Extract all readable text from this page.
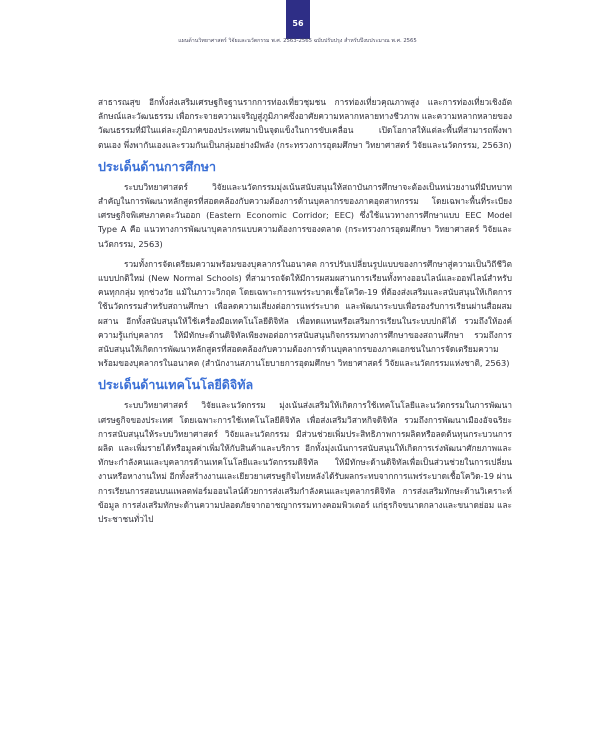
56
แผนด้านวิทยาศาสตร์ วิจัยและนวัตกรรม พ.ศ. 2563-2565 ฉบับปรับปรุง สำหรับปีงบประมาณ พ.ศ. 2565

สาธารณสุข อีกทั้งส่งเสริมเศรษฐกิจฐานรากการท่องเที่ยวชุมชน การท่องเที่ยวคุณภาพสูง และการท่องเที่ยวเชิงอัตลักษณ์และวัฒนธรรม เพื่อกระจายความเจริญสู่ภูมิภาคซึ่งอาศัยความหลากหลายทางชีวภาพ และความหลากหลายของวัฒนธรรมที่มีในแต่ละภูมิภาคของประเทศมาเป็นจุดแข็งในการขับเคลื่อน เปิดโอกาสให้แต่ละพื้นที่สามารถพึ่งพาตนเอง พึ่งพากันเองและรวมกันเป็นกลุ่มอย่างมีพลัง (กระทรวงการอุดมศึกษา วิทยาศาสตร์ วิจัยและนวัตกรรม, 2563ก)

ประเด็นด้านการศึกษา

ระบบวิทยาศาสตร์ วิจัยและนวัตกรรมมุ่งเน้นสนับสนุนให้สถาบันการศึกษาจะต้องเป็นหน่วยงานที่มีบทบาทสำคัญในการพัฒนาหลักสูตรที่สอดคล้องกับความต้องการด้านบุคลากรของภาคอุตสาหกรรม โดยเฉพาะพื้นที่ระเบียงเศรษฐกิจพิเศษภาคตะวันออก (Eastern Economic Corridor; EEC) ซึ่งใช้แนวทางการศึกษาแบบ EEC Model Type A คือ แนวทางการพัฒนาบุคลากรแบบความต้องการของตลาด (กระทรวงการอุดมศึกษา วิทยาศาสตร์ วิจัยและนวัตกรรม, 2563)

รวมทั้งการจัดเตรียมความพร้อมของบุคลากรในอนาคต การปรับเปลี่ยนรูปแบบของการศึกษาสู่ความเป็นวิถีชีวิตแบบปกติใหม่ (New Normal Schools) ที่สามารถจัดให้มีการผสมผสานการเรียนทั้งทางออนไลน์และออฟไลน์สำหรับคนทุกกลุ่ม ทุกช่วงวัย แม้ในภาวะวิกฤต โดยเฉพาะการแพร่ระบาดเชื้อโควิด-19 ที่ต้องส่งเสริมและสนับสนุนให้เกิดการใช้นวัตกรรมสำหรับสถานศึกษา เพื่อลดความเสี่ยงต่อการแพร่ระบาด และพัฒนาระบบเพื่อรองรับการเรียนผ่านสื่อผสมผสาน อีกทั้งสนับสนุนให้ใช้เครื่องมือเทคโนโลยีดิจิทัล เพื่อทดแทนหรือเสริมการเรียนในระบบปกติได้ รวมถึงให้องค์ความรู้แก่บุคลากร ให้มีทักษะด้านดิจิทัลเพียงพอต่อการสนับสนุนกิจกรรมทางการศึกษาของสถานศึกษา รวมถึงการสนับสนุนให้เกิดการพัฒนาหลักสูตรที่สอดคล้องกับความต้องการด้านบุคลากรของภาคเอกชนในการจัดเตรียมความพร้อมของบุคลากรในอนาคต (สำนักงานสภานโยบายการอุดมศึกษา วิทยาศาสตร์ วิจัยและนวัตกรรมแห่งชาติ, 2563)

ประเด็นด้านเทคโนโลยีดิจิทัล

ระบบวิทยาศาสตร์ วิจัยและนวัตกรรม มุ่งเน้นส่งเสริมให้เกิดการใช้เทคโนโลยีและนวัตกรรมในการพัฒนาเศรษฐกิจของประเทศ โดยเฉพาะการใช้เทคโนโลยีดิจิทัล เพื่อส่งเสริมวิสาหกิจดิจิทัล รวมถึงการพัฒนาเมืองอัจฉริยะ การสนับสนุนให้ระบบวิทยาศาสตร์ วิจัยและนวัตกรรม มีส่วนช่วยเพิ่มประสิทธิภาพการผลิตหรือลดต้นทุนกระบวนการผลิต และเพิ่มรายได้หรือมูลค่าเพิ่มให้กับสินค้าและบริการ อีกทั้งมุ่งเน้นการสนับสนุนให้เกิดการเร่งพัฒนาศักยภาพและทักษะกำลังคนและบุคลากรด้านเทคโนโลยีและนวัตกรรมดิจิทัล ให้มีทักษะด้านดิจิทัลเพื่อเป็นส่วนช่วยในการเปลี่ยนงานหรือหางานใหม่ อีกทั้งสร้างงานและเยียวยาเศรษฐกิจไทยหลังได้รับผลกระทบจากการแพร่ระบาดเชื้อโควิด-19 ผ่านการเรียนการสอนบนแพลตฟอร์มออนไลน์ด้วยการส่งเสริมกำลังคนและบุคลากรดิจิทัล การส่งเสริมทักษะด้านวิเคราะห์ข้อมูล การส่งเสริมทักษะด้านความปลอดภัยจากอาชญากรรมทางคอมพิวเตอร์ แก่ธุรกิจขนาดกลางและขนาดย่อม และประชาชนทั่วไป
